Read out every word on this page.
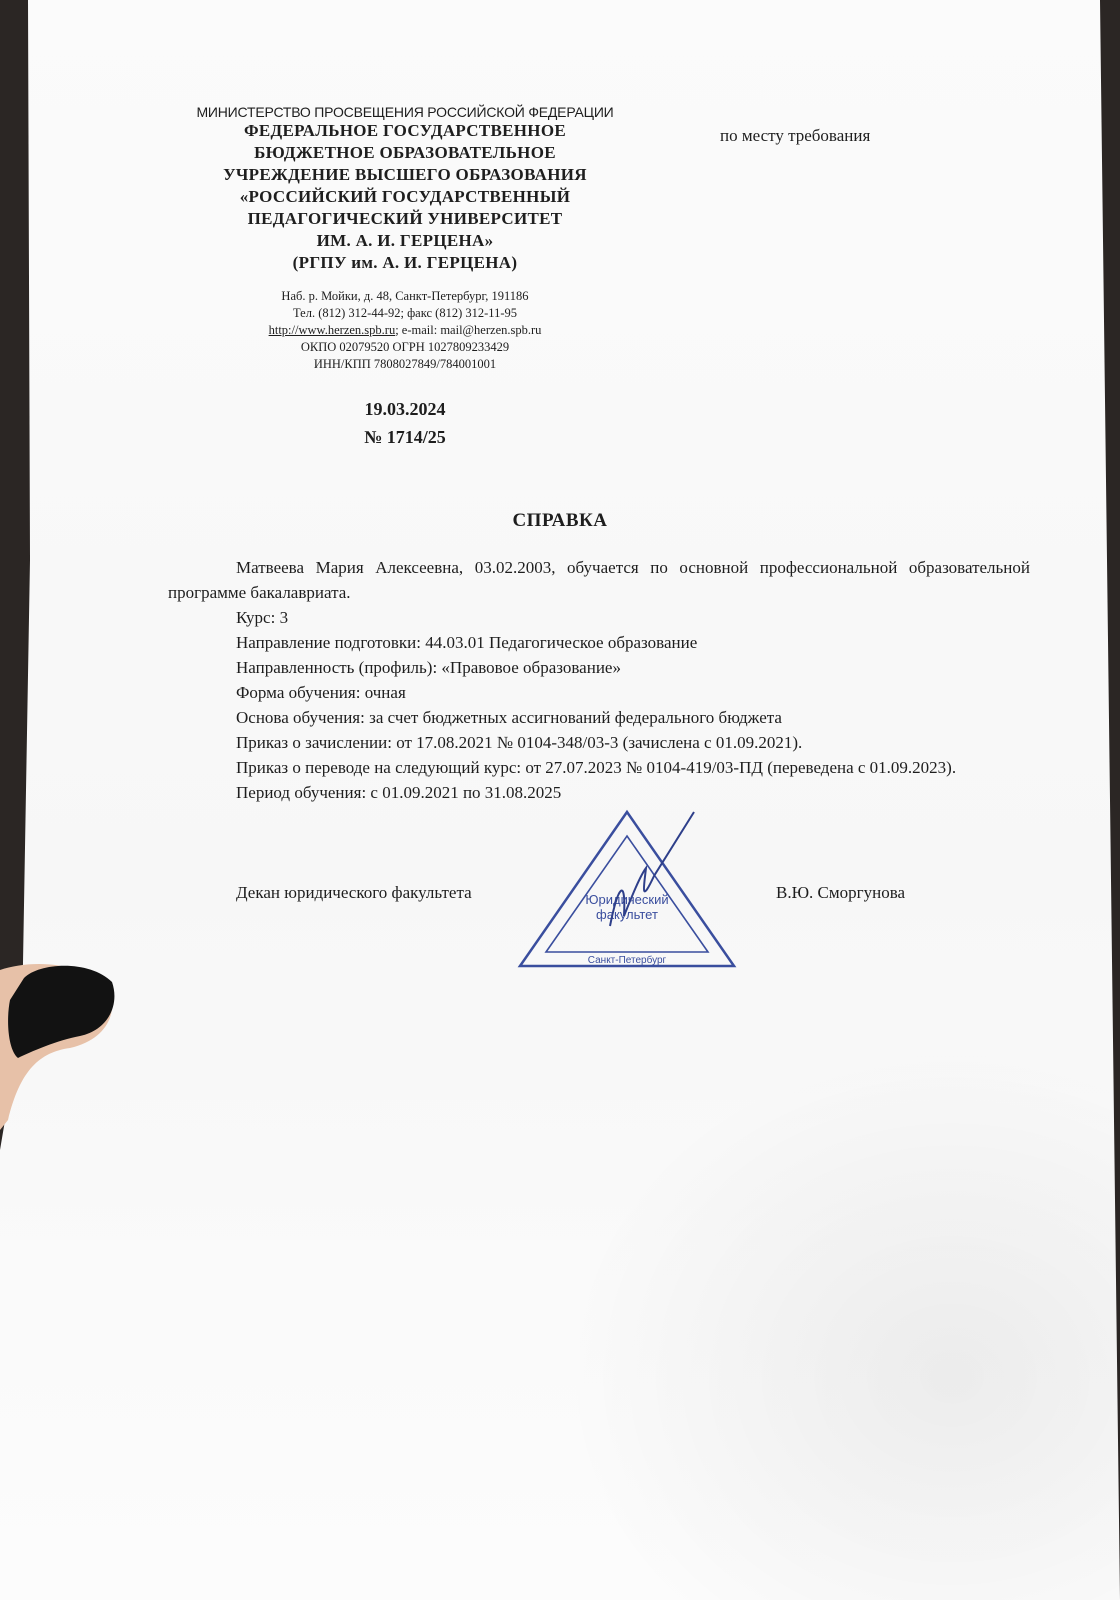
МИНИСТЕРСТВО ПРОСВЕЩЕНИЯ РОССИЙСКОЙ ФЕДЕРАЦИИ
ФЕДЕРАЛЬНОЕ ГОСУДАРСТВЕННОЕ
БЮДЖЕТНОЕ ОБРАЗОВАТЕЛЬНОЕ
УЧРЕЖДЕНИЕ ВЫСШЕГО ОБРАЗОВАНИЯ
«РОССИЙСКИЙ ГОСУДАРСТВЕННЫЙ
ПЕДАГОГИЧЕСКИЙ УНИВЕРСИТЕТ
ИМ. А. И. ГЕРЦЕНА»
(РГПУ им. А. И. ГЕРЦЕНА)
Наб. р. Мойки, д. 48, Санкт-Петербург, 191186
Тел. (812) 312-44-92; факс (812) 312-11-95
http://www.herzen.spb.ru; e-mail: mail@herzen.spb.ru
ОКПО 02079520 ОГРН 1027809233429
ИНН/КПП 7808027849/784001001
19.03.2024
№ 1714/25
по месту требования
СПРАВКА

Матвеева Мария Алексеевна, 03.02.2003, обучается по основной профессиональной образовательной программе бакалавриата.

Курс: 3

Направление подготовки: 44.03.01 Педагогическое образование

Направленность (профиль): «Правовое образование»

Форма обучения: очная

Основа обучения: за счет бюджетных ассигнований федерального бюджета

Приказ о зачислении: от 17.08.2021 № 0104-348/03-3 (зачислена с 01.09.2021).

Приказ о переводе на следующий курс: от 27.07.2023 № 0104-419/03-ПД (переведена с 01.09.2023).

Период обучения: с 01.09.2021 по 31.08.2025

Декан юридического факультета	В.Ю. Сморгунова
Юридический
факультет
Санкт-Петербург
